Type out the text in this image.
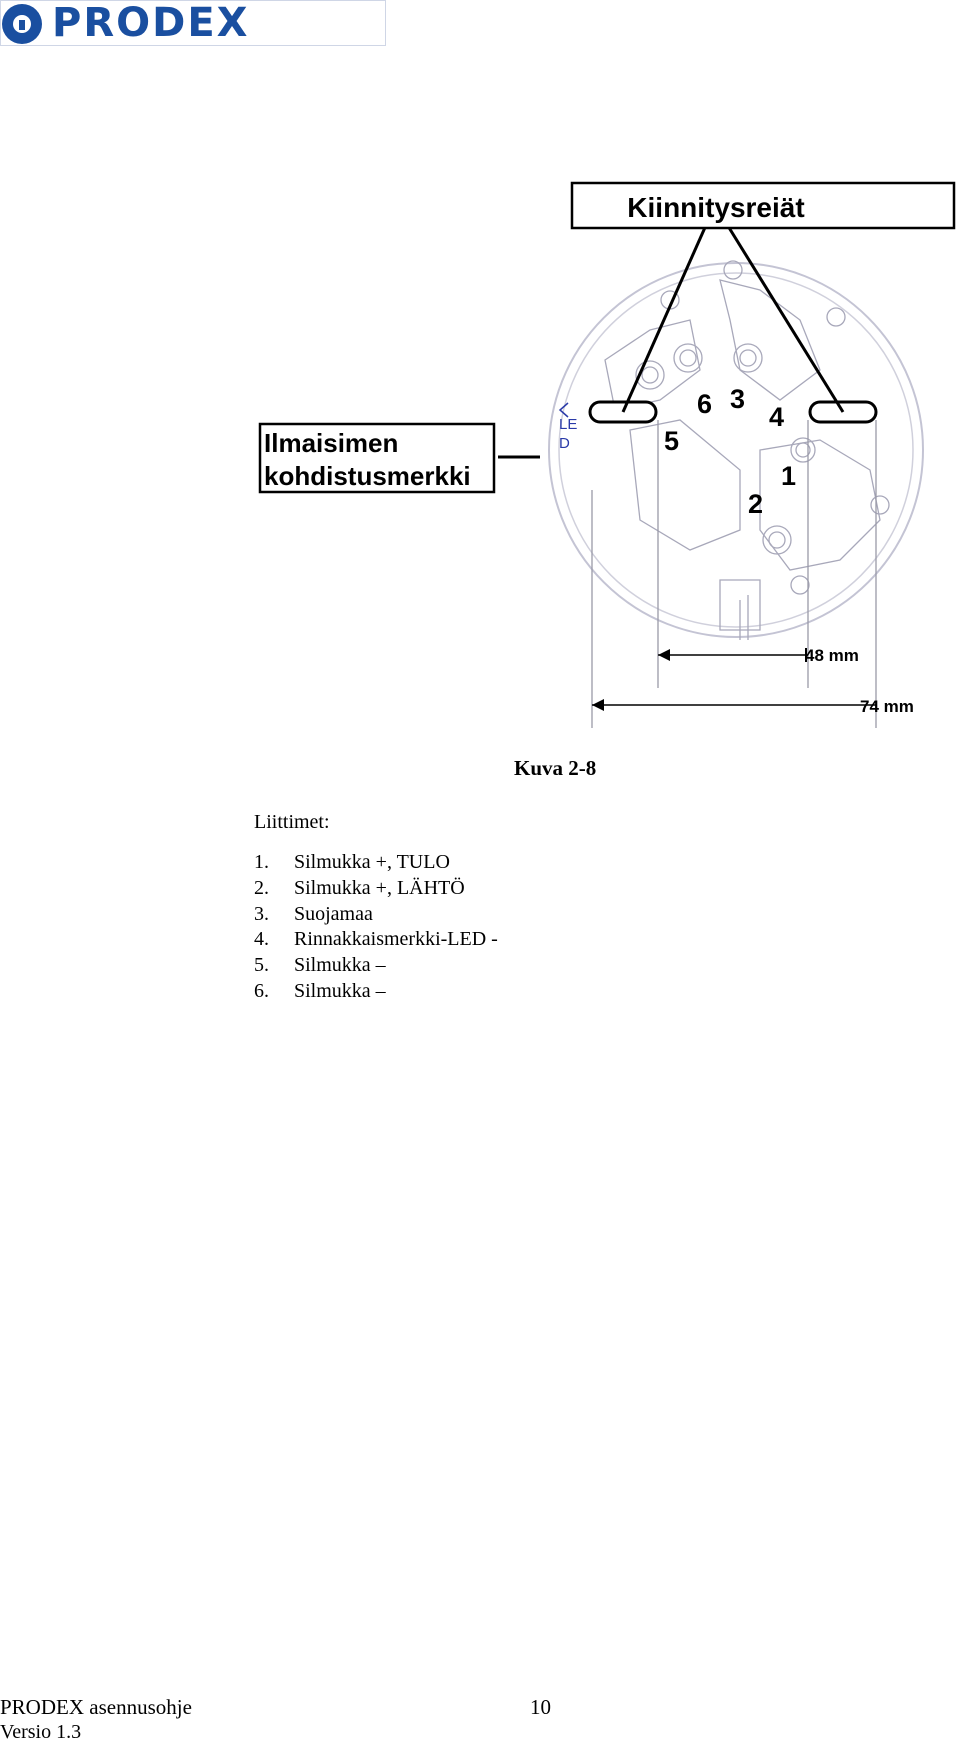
PRODEX
Kiinnitysreiät
Ilmaisimen
kohdistusmerkki
LE
D
1
2
3
4
5
6
48 mm
74 mm
Kuva 2-8
Liittimet:
1.	Silmukka +, TULO
2.	Silmukka +, LÄHTÖ
3.	Suojamaa
4.	Rinnakkaismerkki-LED -
5.	Silmukka –
6.	Silmukka –
PRODEX asennusohje
Versio 1.3
10
